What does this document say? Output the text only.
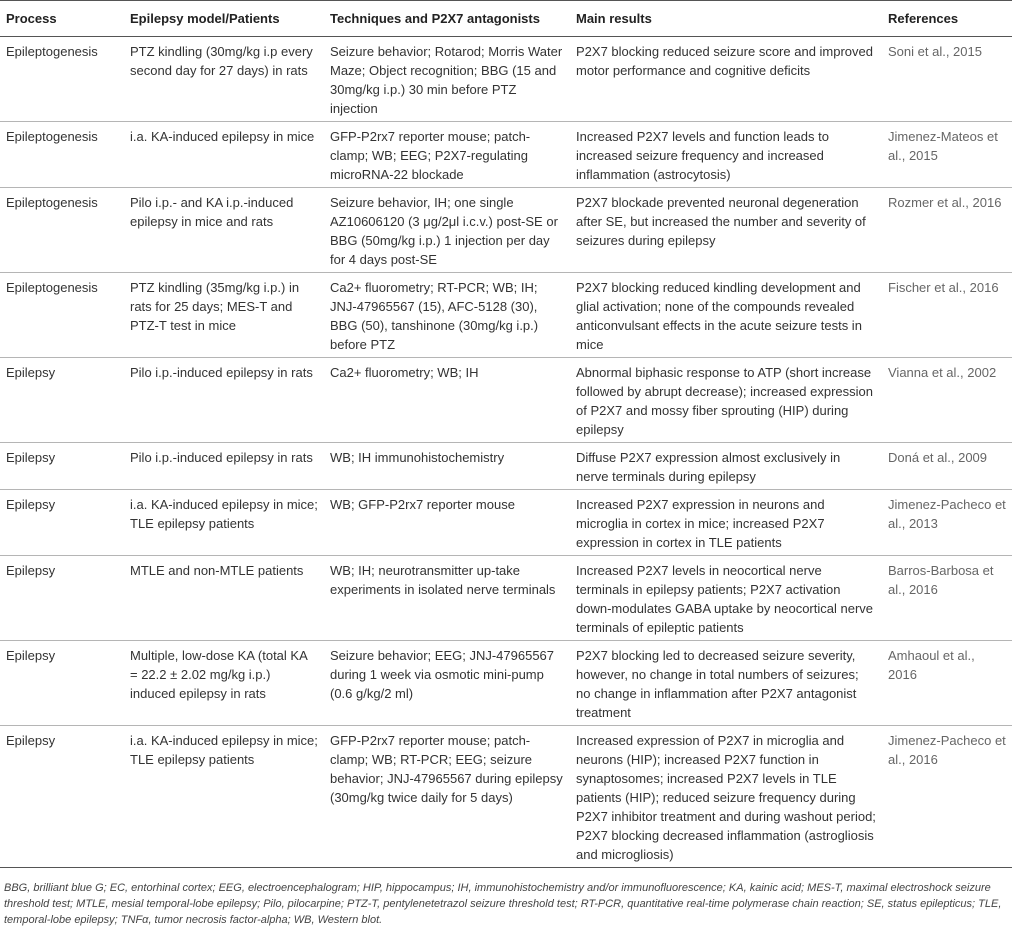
Process	Epilepsy model/Patients	Techniques and P2X7 antagonists	Main results	References
Epileptogenesis	PTZ kindling (30mg/kg i.p every second day for 27 days) in rats	Seizure behavior; Rotarod; Morris Water Maze; Object recognition; BBG (15 and 30mg/kg i.p.) 30 min before PTZ injection	P2X7 blocking reduced seizure score and improved motor performance and cognitive deficits	Soni et al., 2015
Epileptogenesis	i.a. KA-induced epilepsy in mice	GFP-P2rx7 reporter mouse; patch-clamp; WB; EEG; P2X7-regulating microRNA-22 blockade	Increased P2X7 levels and function leads to increased seizure frequency and increased inflammation (astrocytosis)	Jimenez-Mateos et al., 2015
Epileptogenesis	Pilo i.p.- and KA i.p.-induced epilepsy in mice and rats	Seizure behavior, IH; one single AZ10606120 (3 μg/2μl i.c.v.) post-SE or BBG (50mg/kg i.p.) 1 injection per day for 4 days post-SE	P2X7 blockade prevented neuronal degeneration after SE, but increased the number and severity of seizures during epilepsy	Rozmer et al., 2016
Epileptogenesis	PTZ kindling (35mg/kg i.p.) in rats for 25 days; MES-T and PTZ-T test in mice	Ca2+ fluorometry; RT-PCR; WB; IH; JNJ-47965567 (15), AFC-5128 (30), BBG (50), tanshinone (30mg/kg i.p.) before PTZ	P2X7 blocking reduced kindling development and glial activation; none of the compounds revealed anticonvulsant effects in the acute seizure tests in mice	Fischer et al., 2016
Epilepsy	Pilo i.p.-induced epilepsy in rats	Ca2+ fluorometry; WB; IH	Abnormal biphasic response to ATP (short increase followed by abrupt decrease); increased expression of P2X7 and mossy fiber sprouting (HIP) during epilepsy	Vianna et al., 2002
Epilepsy	Pilo i.p.-induced epilepsy in rats	WB; IH immunohistochemistry	Diffuse P2X7 expression almost exclusively in nerve terminals during epilepsy	Doná et al., 2009
Epilepsy	i.a. KA-induced epilepsy in mice; TLE epilepsy patients	WB; GFP-P2rx7 reporter mouse	Increased P2X7 expression in neurons and microglia in cortex in mice; increased P2X7 expression in cortex in TLE patients	Jimenez-Pacheco et al., 2013
Epilepsy	MTLE and non-MTLE patients	WB; IH; neurotransmitter up-take experiments in isolated nerve terminals	Increased P2X7 levels in neocortical nerve terminals in epilepsy patients; P2X7 activation down-modulates GABA uptake by neocortical nerve terminals of epileptic patients	Barros-Barbosa et al., 2016
Epilepsy	Multiple, low-dose KA (total KA = 22.2 ± 2.02 mg/kg i.p.) induced epilepsy in rats	Seizure behavior; EEG; JNJ-47965567 during 1 week via osmotic mini-pump (0.6 g/kg/2 ml)	P2X7 blocking led to decreased seizure severity, however, no change in total numbers of seizures; no change in inflammation after P2X7 antagonist treatment	Amhaoul et al., 2016
Epilepsy	i.a. KA-induced epilepsy in mice; TLE epilepsy patients	GFP-P2rx7 reporter mouse; patch-clamp; WB; RT-PCR; EEG; seizure behavior; JNJ-47965567 during epilepsy (30mg/kg twice daily for 5 days)	Increased expression of P2X7 in microglia and neurons (HIP); increased P2X7 function in synaptosomes; increased P2X7 levels in TLE patients (HIP); reduced seizure frequency during P2X7 inhibitor treatment and during washout period; P2X7 blocking decreased inflammation (astrogliosis and microgliosis)	Jimenez-Pacheco et al., 2016
BBG, brilliant blue G; EC, entorhinal cortex; EEG, electroencephalogram; HIP, hippocampus; IH, immunohistochemistry and/or immunofluorescence; KA, kainic acid; MES-T, maximal electroshock seizure threshold test; MTLE, mesial temporal-lobe epilepsy; Pilo, pilocarpine; PTZ-T, pentylenetetrazol seizure threshold test; RT-PCR, quantitative real-time polymerase chain reaction; SE, status epilepticus; TLE, temporal-lobe epilepsy; TNFα, tumor necrosis factor-alpha; WB, Western blot.
